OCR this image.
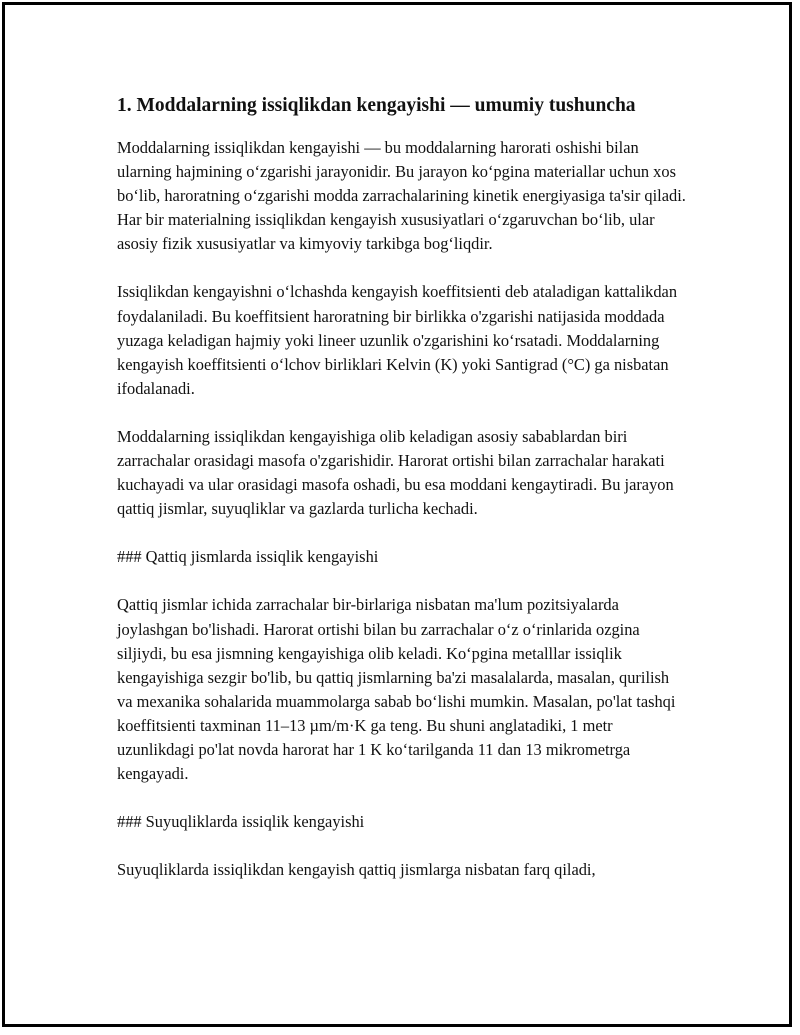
1. Moddalarning issiqlikdan kengayishi — umumiy tushuncha

Moddalarning issiqlikdan kengayishi — bu moddalarning harorati oshishi bilan ularning hajmining o‘zgarishi jarayonidir. Bu jarayon ko‘pgina materiallar uchun xos bo‘lib, haroratning o‘zgarishi modda zarrachalarining kinetik energiyasiga ta'sir qiladi. Har bir materialning issiqlikdan kengayish xususiyatlari o‘zgaruvchan bo‘lib, ular asosiy fizik xususiyatlar va kimyoviy tarkibga bog‘liqdir.

Issiqlikdan kengayishni o‘lchashda kengayish koeffitsienti deb ataladigan kattalikdan foydalaniladi. Bu koeffitsient haroratning bir birlikka o'zgarishi natijasida moddada yuzaga keladigan hajmiy yoki lineer uzunlik o'zgarishini ko‘rsatadi. Moddalarning kengayish koeffitsienti o‘lchov birliklari Kelvin (K) yoki Santigrad (°C) ga nisbatan ifodalanadi.

Moddalarning issiqlikdan kengayishiga olib keladigan asosiy sabablardan biri zarrachalar orasidagi masofa o'zgarishidir. Harorat ortishi bilan zarrachalar harakati kuchayadi va ular orasidagi masofa oshadi, bu esa moddani kengaytiradi. Bu jarayon qattiq jismlar, suyuqliklar va gazlarda turlicha kechadi.

### Qattiq jismlarda issiqlik kengayishi

Qattiq jismlar ichida zarrachalar bir-birlariga nisbatan ma'lum pozitsiyalarda joylashgan bo'lishadi. Harorat ortishi bilan bu zarrachalar o‘z o‘rinlarida ozgina siljiydi, bu esa jismning kengayishiga olib keladi. Ko‘pgina metalllar issiqlik kengayishiga sezgir bo'lib, bu qattiq jismlarning ba'zi masalalarda, masalan, qurilish va mexanika sohalarida muammolarga sabab bo‘lishi mumkin. Masalan, po'lat tashqi koeffitsienti taxminan 11–13 µm/m·K ga teng. Bu shuni anglatadiki, 1 metr uzunlikdagi po'lat novda harorat har 1 K ko‘tarilganda 11 dan 13 mikrometrga kengayadi.

### Suyuqliklarda issiqlik kengayishi

Suyuqliklarda issiqlikdan kengayish qattiq jismlarga nisbatan farq qiladi,
